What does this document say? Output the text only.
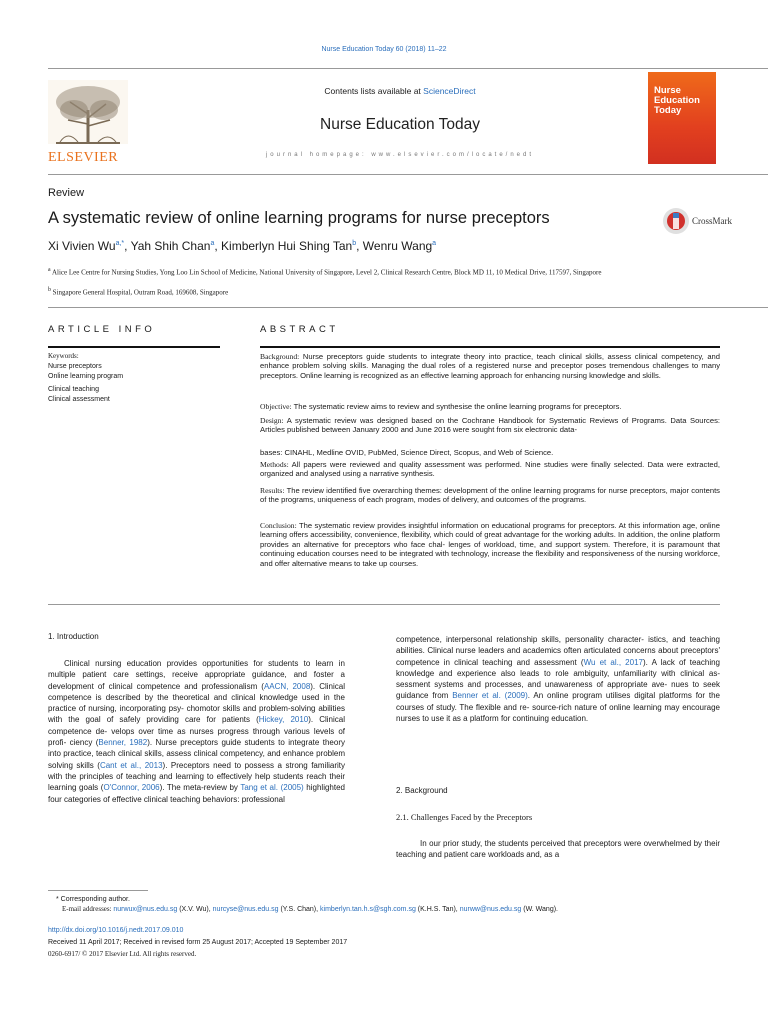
Nurse Education Today 60 (2018) 11–22
ELSEVIER
Contents lists available at ScienceDirect
Nurse Education Today
journal homepage: www.elsevier.com/locate/nedt
Nurse
Education
Today
Review
A systematic review of online learning programs for nurse preceptors	CrossMark
Xi Vivien $Wu^{a,*}$, Yah Shih Chan$^a$, Kimberlyn Hui Shing Tan$^b$, Wenru Wang$^a$
$^a$ Alice Lee Centre for Nursing Studies, Yong Loo Lin School of Medicine, National University of Singapore, Level 2, Clinical Research Centre, Block MD 11, 10 Medical Drive, 117597, Singapore
$^b$ Singapore General Hospital, Outram Road, 169608, Singapore
ARTICLE INFO	ABSTRACT
Keywords:
Nurse preceptors
Online learning program
Clinical teaching
Clinical assessment
Background: Nurse preceptors guide students to integrate theory into practice, teach clinical skills, assess clinical competency, and enhance problem solving skills. Managing the dual roles of a registered nurse and preceptor poses tremendous challenges to many preceptors. Online learning is recognized as an effective learning approach for enhancing nursing knowledge and skills.
Objective: The systematic review aims to review and synthesise the online learning programs for preceptors.
Design: A systematic review was designed based on the Cochrane Handbook for Systematic Reviews of Programs. Data Sources: Articles published between January 2000 and June 2016 were sought from six electronic data-
bases: CINAHL, Medline OVID, PubMed, Science Direct, Scopus, and Web of Science.
Methods: All papers were reviewed and quality assessment was performed. Nine studies were finally selected. Data were extracted, organized and analysed using a narrative synthesis.
Results: The review identified five overarching themes: development of the online learning programs for nurse preceptors, major contents of the programs, uniqueness of each program, modes of delivery, and outcomes of the programs.
Conclusion: The systematic review provides insightful information on educational programs for preceptors. At this information age, online learning offers accessibility, convenience, flexibility, which could of great advantage for the working adults. In addition, the online platform provides an alternative for preceptors who face chal- lenges of workload, time, and support system. Therefore, it is paramount that continuing education courses need to be integrated with technology, increase the flexibility and responsiveness of the nursing workforce, and offer alternative means to take up courses.
1. Introduction
Clinical nursing education provides opportunities for students to learn in multiple patient care settings, receive appropriate guidance, and foster a development of clinical competence and professionalism (AACN, 2008). Clinical competence is described by the theoretical and clinical knowledge used in the practice of nursing, incorporating psy- chomotor skills and problem-solving abilities with the goal of safely providing care for patients (Hickey, 2010). Clinical competence de- velops over time as nurses progress through various levels of profi- ciency (Benner, 1982). Nurse preceptors guide students to integrate theory into practice, teach clinical skills, assess clinical competency, and enhance problem solving skills (Cant et al., 2013). Preceptors need to possess a strong familiarity with the principles of teaching and learning to effectively help students reach their learning goals (O'Connor, 2006). The meta-review by Tang et al. (2005) highlighted four categories of effective clinical teaching behaviors: professional
competence, interpersonal relationship skills, personality character- istics, and teaching abilities. Clinical nurse leaders and academics often articulated concerns about preceptors' competence in clinical teaching and assessment (Wu et al., 2017). A lack of teaching knowledge and experience also leads to role ambiguity, unfamiliarity with clinical as- sessment systems and processes, and unawareness of appropriate ave- nues to seek guidance from Benner et al. (2009). An online program utilises digital platforms for the courses of study. The flexible and re- source-rich nature of online learning may encourage nurses to use it as a platform for continuing education.
2. Background
2.1. Challenges Faced by the Preceptors
In our prior study, the students perceived that preceptors were overwhelmed by their teaching and patient care workloads and, as a
* Corresponding author.
E-mail addresses: nurwux@nus.edu.sg (X.V. Wu), nurcyse@nus.edu.sg (Y.S. Chan), kimberlyn.tan.h.s@sgh.com.sg (K.H.S. Tan), nurww@nus.edu.sg (W. Wang).
http://dx.doi.org/10.1016/j.nedt.2017.09.010
Received 11 April 2017; Received in revised form 25 August 2017; Accepted 19 September 2017
0260-6917/ © 2017 Elsevier Ltd. All rights reserved.
